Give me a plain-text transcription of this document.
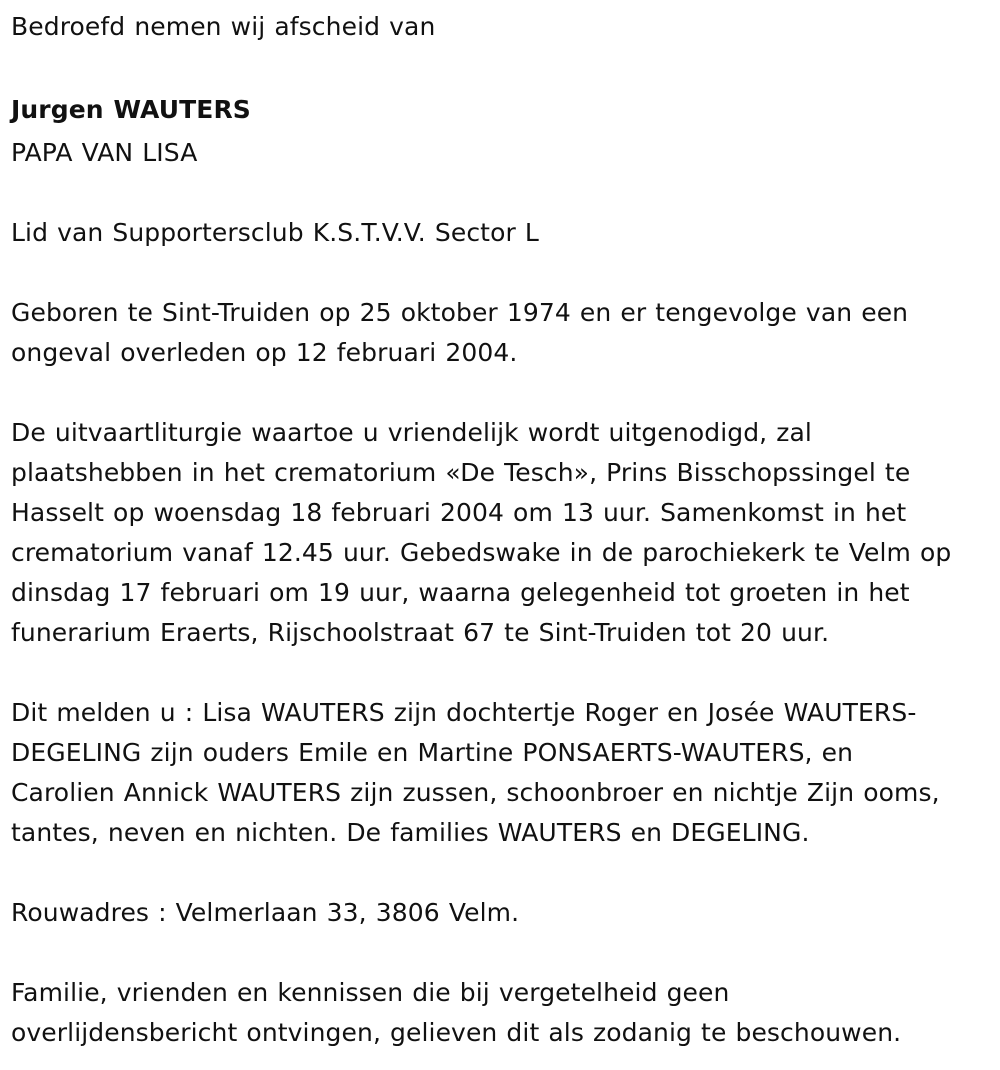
Bedroefd nemen wij afscheid van
Jurgen WAUTERS
PAPA VAN LISA
Lid van Supportersclub K.S.T.V.V. Sector L
Geboren te Sint-Truiden op 25 oktober 1974 en er tengevolge van een
ongeval overleden op 12 februari 2004.
De uitvaartliturgie waartoe u vriendelijk wordt uitgenodigd, zal
plaatshebben in het crematorium «De Tesch», Prins Bisschopssingel te
Hasselt op woensdag 18 februari 2004 om 13 uur. Samenkomst in het
crematorium vanaf 12.45 uur. Gebedswake in de parochiekerk te Velm op
dinsdag 17 februari om 19 uur, waarna gelegenheid tot groeten in het
funerarium Eraerts, Rijschoolstraat 67 te Sint-Truiden tot 20 uur.
Dit melden u : Lisa WAUTERS zijn dochtertje Roger en Josée WAUTERS-
DEGELING zijn ouders Emile en Martine PONSAERTS-WAUTERS, en
Carolien Annick WAUTERS zijn zussen, schoonbroer en nichtje Zijn ooms,
tantes, neven en nichten. De families WAUTERS en DEGELING.
Rouwadres : Velmerlaan 33, 3806 Velm.
Familie, vrienden en kennissen die bij vergetelheid geen
overlijdensbericht ontvingen, gelieven dit als zodanig te beschouwen.
